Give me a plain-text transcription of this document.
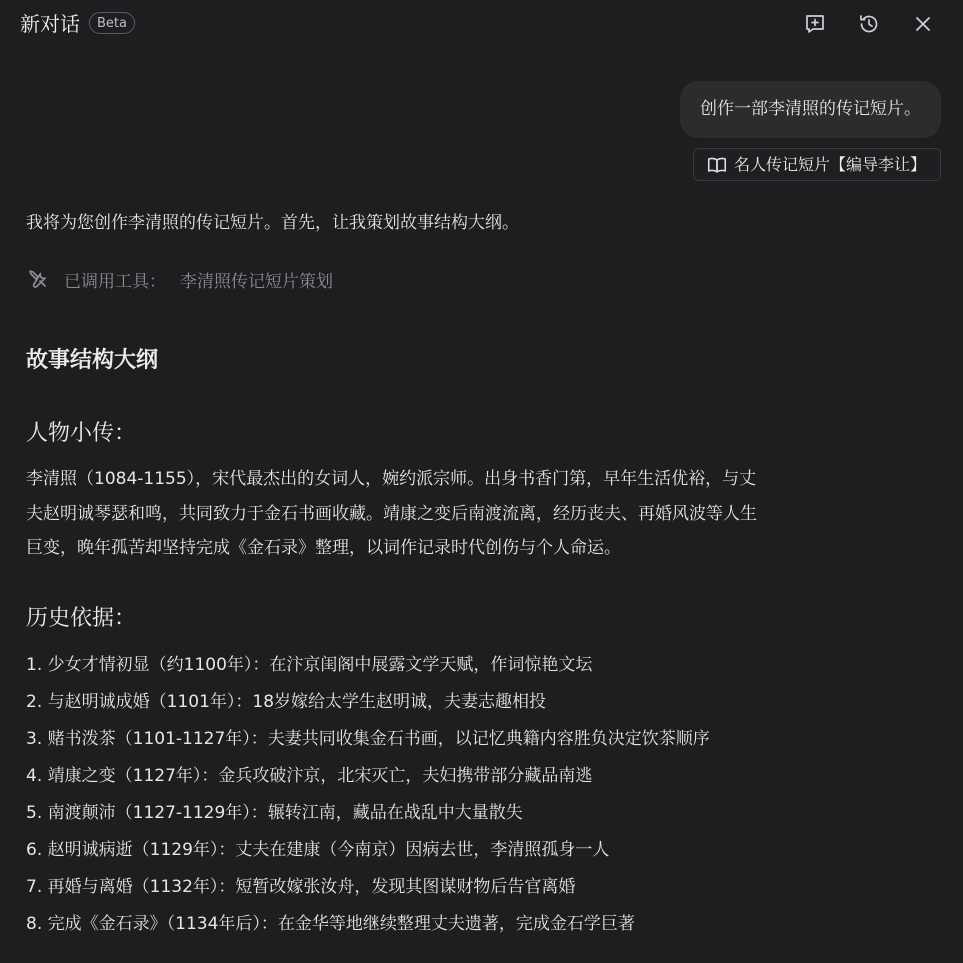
新对话	Beta
创作一部李清照的传记短片。
名人传记短片【编导李让】
我将为您创作李清照的传记短片。首先，让我策划故事结构大纲。
已调用工具： 李清照传记短片策划
故事结构大纲
人物小传：
李清照（1084-1155），宋代最杰出的女词人，婉约派宗师。出身书香门第，早年生活优裕，与丈
夫赵明诚琴瑟和鸣，共同致力于金石书画收藏。靖康之变后南渡流离，经历丧夫、再婚风波等人生
巨变，晚年孤苦却坚持完成《金石录》整理，以词作记录时代创伤与个人命运。
历史依据：
1. 少女才情初显（约1100年）：在汴京闺阁中展露文学天赋，作词惊艳文坛
2. 与赵明诚成婚（1101年）：18岁嫁给太学生赵明诚，夫妻志趣相投
3. 赌书泼茶（1101-1127年）：夫妻共同收集金石书画，以记忆典籍内容胜负决定饮茶顺序
4. 靖康之变（1127年）：金兵攻破汴京，北宋灭亡，夫妇携带部分藏品南逃
5. 南渡颠沛（1127-1129年）：辗转江南，藏品在战乱中大量散失
6. 赵明诚病逝（1129年）：丈夫在建康（今南京）因病去世，李清照孤身一人
7. 再婚与离婚（1132年）：短暂改嫁张汝舟，发现其图谋财物后告官离婚
8. 完成《金石录》（1134年后）：在金华等地继续整理丈夫遗著，完成金石学巨著
